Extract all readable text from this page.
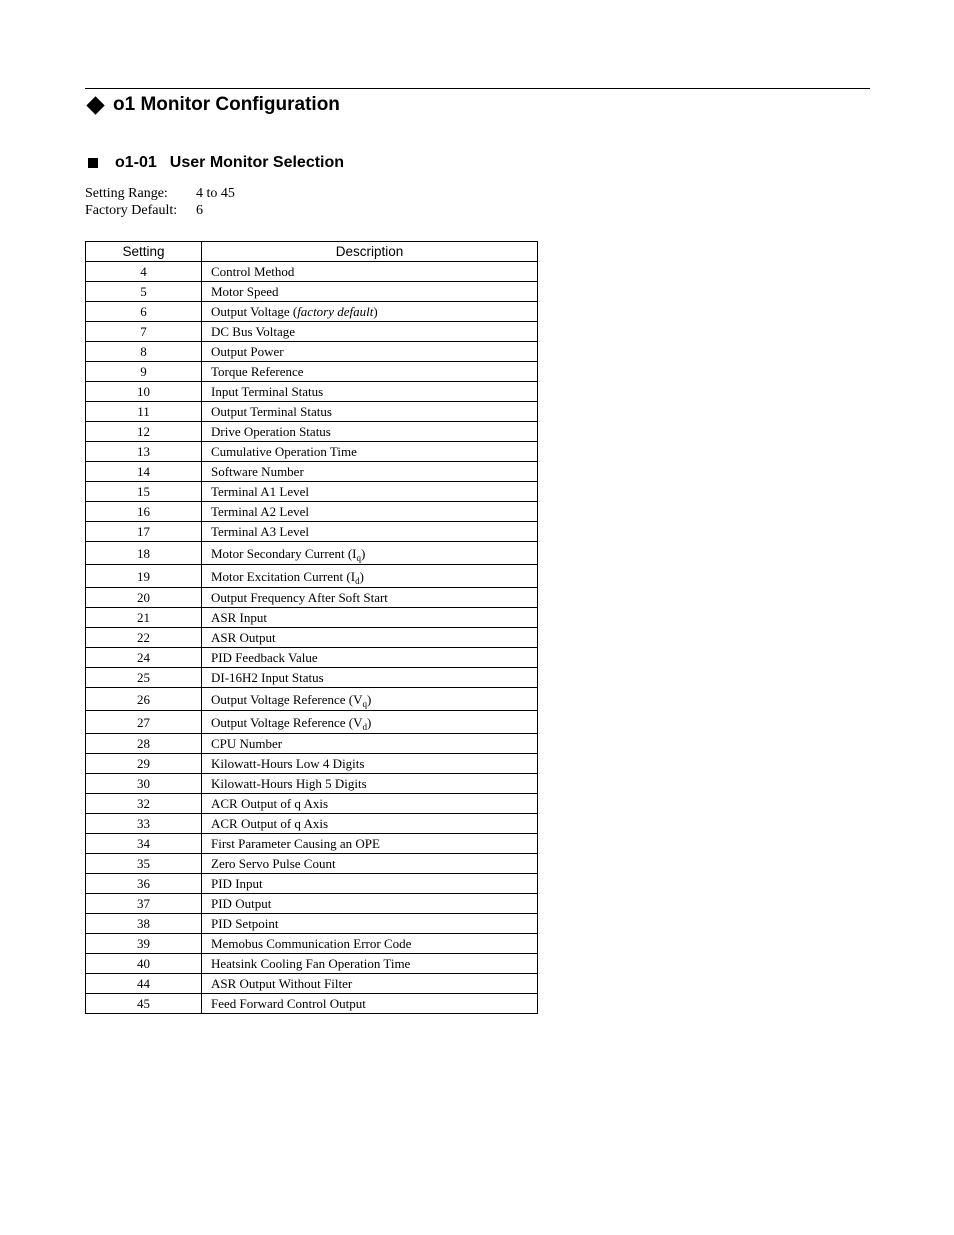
o1 Monitor Configuration
o1-01 User Monitor Selection
Setting Range: 4 to 45
Factory Default: 6
Setting	Description
4	Control Method
5	Motor Speed
6	Output Voltage (factory default)
7	DC Bus Voltage
8	Output Power
9	Torque Reference
10	Input Terminal Status
11	Output Terminal Status
12	Drive Operation Status
13	Cumulative Operation Time
14	Software Number
15	Terminal A1 Level
16	Terminal A2 Level
17	Terminal A3 Level
18	Motor Secondary Current $(I_q)$
19	Motor Excitation Current $(I_d)$
20	Output Frequency After Soft Start
21	ASR Input
22	ASR Output
24	PID Feedback Value
25	DI-16H2 Input Status
26	Output Voltage Reference $(V_q)$
27	Output Voltage Reference $(V_d)$
28	CPU Number
29	Kilowatt-Hours Low 4 Digits
30	Kilowatt-Hours High 5 Digits
32	ACR Output of q Axis
33	ACR Output of q Axis
34	First Parameter Causing an OPE
35	Zero Servo Pulse Count
36	PID Input
37	PID Output
38	PID Setpoint
39	Memobus Communication Error Code
40	Heatsink Cooling Fan Operation Time
44	ASR Output Without Filter
45	Feed Forward Control Output
